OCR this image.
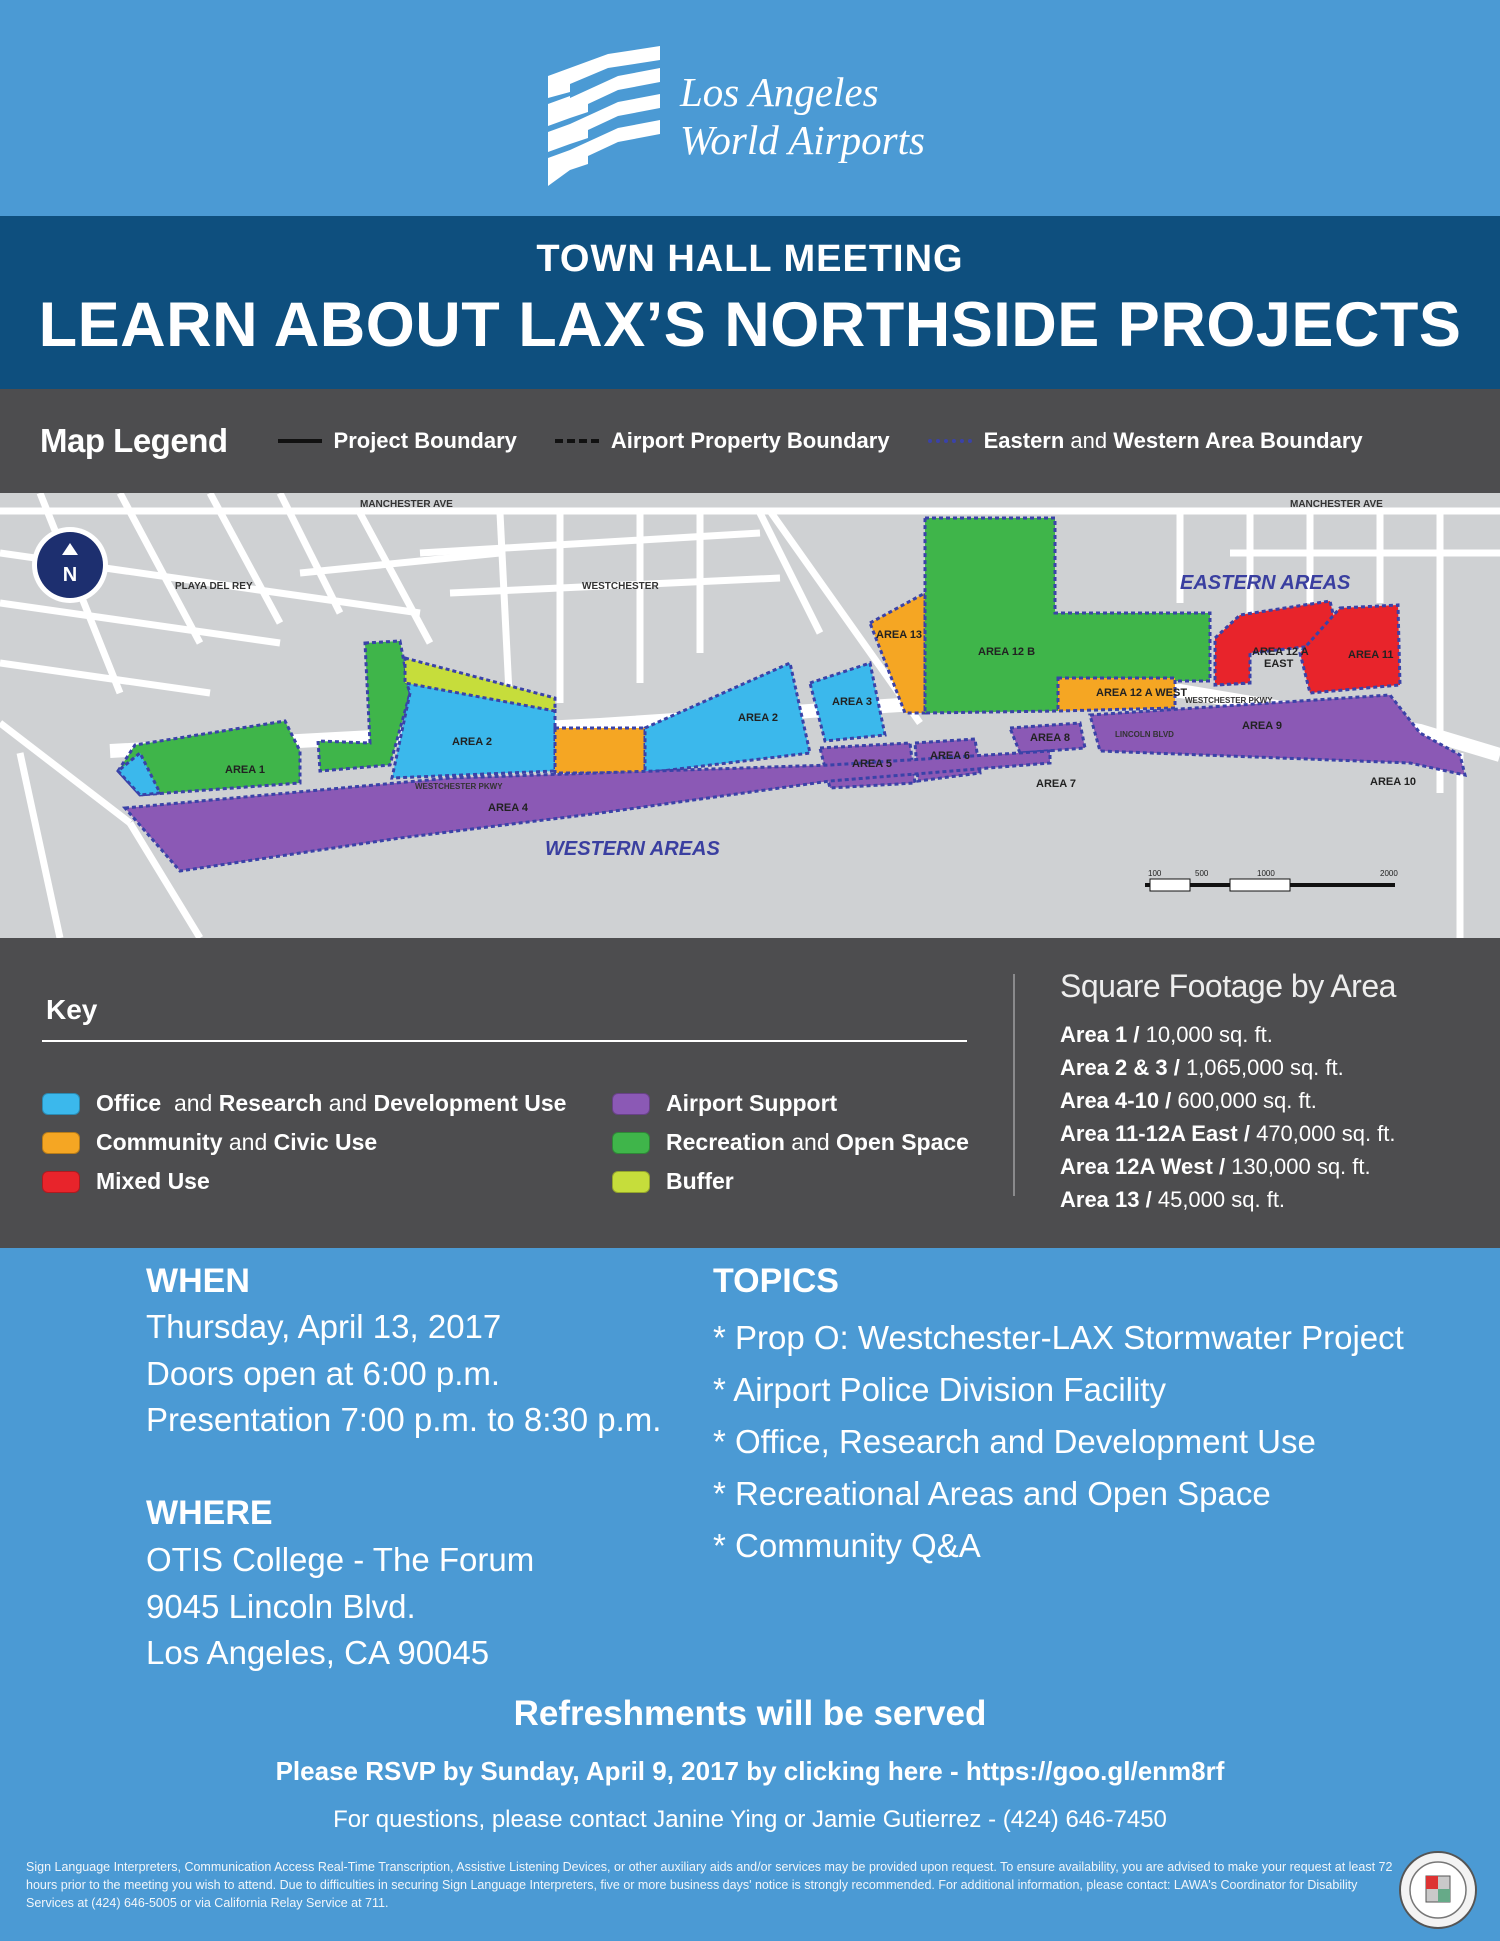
Los Angeles
World Airports
TOWN HALL MEETING
LEARN ABOUT LAX’S NORTHSIDE PROJECTS
Map Legend	Project Boundary	Airport Property Boundary	Eastern and Western Area Boundary
N
MANCHESTER AVE	MANCHESTER AVE
PLAYA DEL REY	WESTCHESTER
WESTCHESTER PKWY
WESTCHESTER PKWY
LINCOLN BLVD
EASTERN AREAS
WESTERN AREAS
AREA 1
AREA 2
AREA 2
AREA 3
AREA 4
AREA 5
AREA 6
AREA 7
AREA 8
AREA 9
AREA 10
AREA 11
AREA 12 A
EAST
AREA 12 A WEST
AREA 12 B
AREA 13
100	500	1000	2000
Key
Office and Research and Development Use
Community and Civic Use
Mixed Use
Airport Support
Recreation and Open Space
Buffer
Square Footage by Area
Area 1 / 10,000 sq. ft.
Area 2 & 3 / 1,065,000 sq. ft.
Area 4-10 / 600,000 sq. ft.
Area 11-12A East / 470,000 sq. ft.
Area 12A West / 130,000 sq. ft.
Area 13 / 45,000 sq. ft.
WHEN
Thursday, April 13, 2017
Doors open at 6:00 p.m.
Presentation 7:00 p.m. to 8:30 p.m.
WHERE
OTIS College - The Forum
9045 Lincoln Blvd.
Los Angeles, CA 90045
TOPICS
* Prop O: Westchester-LAX Stormwater Project
* Airport Police Division Facility
* Office, Research and Development Use
* Recreational Areas and Open Space
* Community Q&A
Refreshments will be served
Please RSVP by Sunday, April 9, 2017 by clicking here - https://goo.gl/enm8rf
For questions, please contact Janine Ying or Jamie Gutierrez - (424) 646-7450
Sign Language Interpreters, Communication Access Real-Time Transcription, Assistive Listening Devices, or other auxiliary aids and/or services may be provided upon request. To ensure availability, you are advised to make your request at least 72 hours prior to the meeting you wish to attend. Due to difficulties in securing Sign Language Interpreters, five or more business days' notice is strongly recommended. For additional information, please contact: LAWA's Coordinator for Disability Services at (424) 646-5005 or via California Relay Service at 711.
